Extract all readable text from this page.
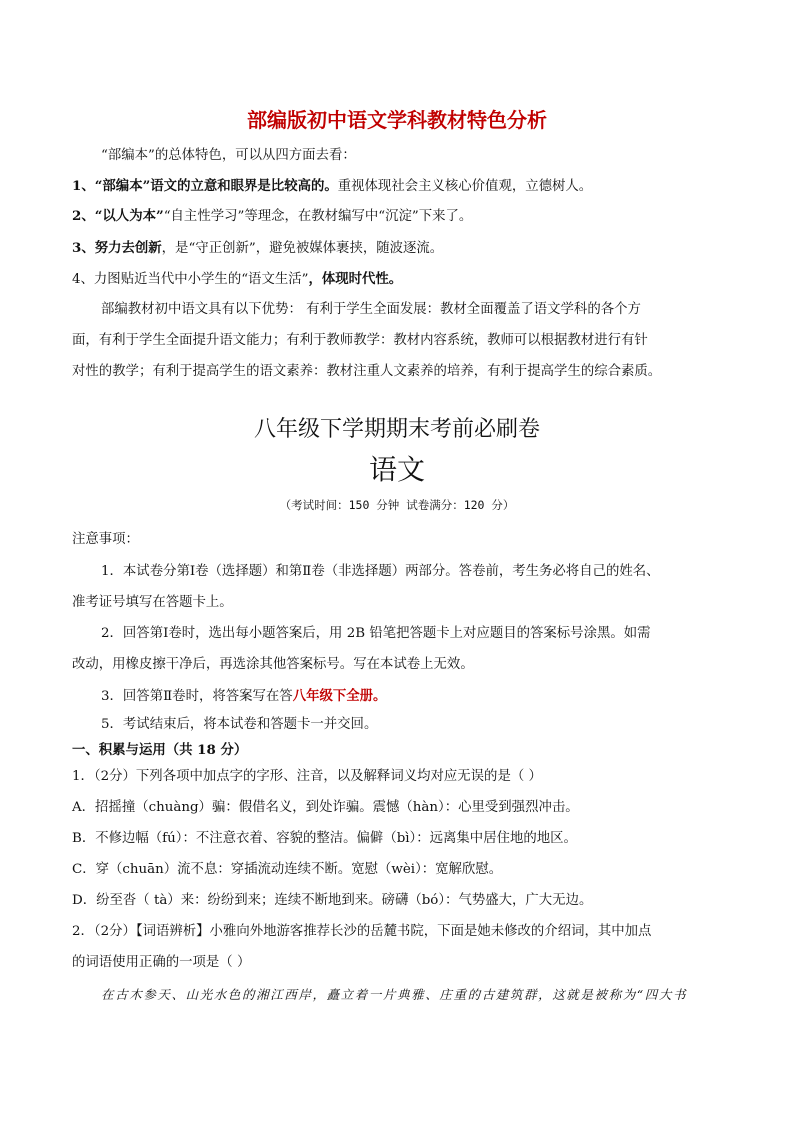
部编版初中语文学科教材特色分析
“部编本”的总体特色，可以从四方面去看：
1、“部编本”语文的立意和眼界是比较高的。重视体现社会主义核心价值观，立德树人。
2、“以人为本”“自主性学习”等理念，在教材编写中“沉淀”下来了。
3、努力去创新，是“守正创新”，避免被媒体裹挟，随波逐流。
4、力图贴近当代中小学生的“语文生活”，体现时代性。
部编教材初中语文具有以下优势： 有利于学生全面发展：教材全面覆盖了语文学科的各个方
面，有利于学生全面提升语文能力；有利于教师教学：教材内容系统，教师可以根据教材进行有针
对性的教学；有利于提高学生的语文素养：教材注重人文素养的培养，有利于提高学生的综合素质。
八年级下学期期末考前必刷卷
语文
（考试时间：150 分钟 试卷满分：120 分）
注意事项：
1．本试卷分第Ⅰ卷（选择题）和第Ⅱ卷（非选择题）两部分。答卷前，考生务必将自己的姓名、
准考证号填写在答题卡上。
2．回答第Ⅰ卷时，选出每小题答案后，用 2B 铅笔把答题卡上对应题目的答案标号涂黑。如需
改动，用橡皮擦干净后，再选涂其他答案标号。写在本试卷上无效。
3．回答第Ⅱ卷时，将答案写在答八年级下全册。
5．考试结束后，将本试卷和答题卡一并交回。
一、积累与运用（共 18 分）
1．（2分）下列各项中加点字的字形、注音，以及解释词义均对应无误的是（ ）
A．招摇撞（chuàng）骗：假借名义，到处诈骗。震憾（hàn）：心里受到强烈冲击。
B．不修边幅（fú）：不注意衣着、容貌的整洁。偏僻（bì）：远离集中居住地的地区。
C．穿（chuān）流不息：穿插流动连续不断。宽慰（wèi）：宽解欣慰。
D．纷至沓（ tà）来：纷纷到来；连续不断地到来。磅礴（bó）：气势盛大，广大无边。
2．（2分）【词语辨析】小雅向外地游客推荐长沙的岳麓书院，下面是她未修改的介绍词，其中加点
的词语使用正确的一项是（ ）
在古木参天、山光水色的湘江西岸，矗立着一片典雅、庄重的古建筑群，这就是被称为“四大书
